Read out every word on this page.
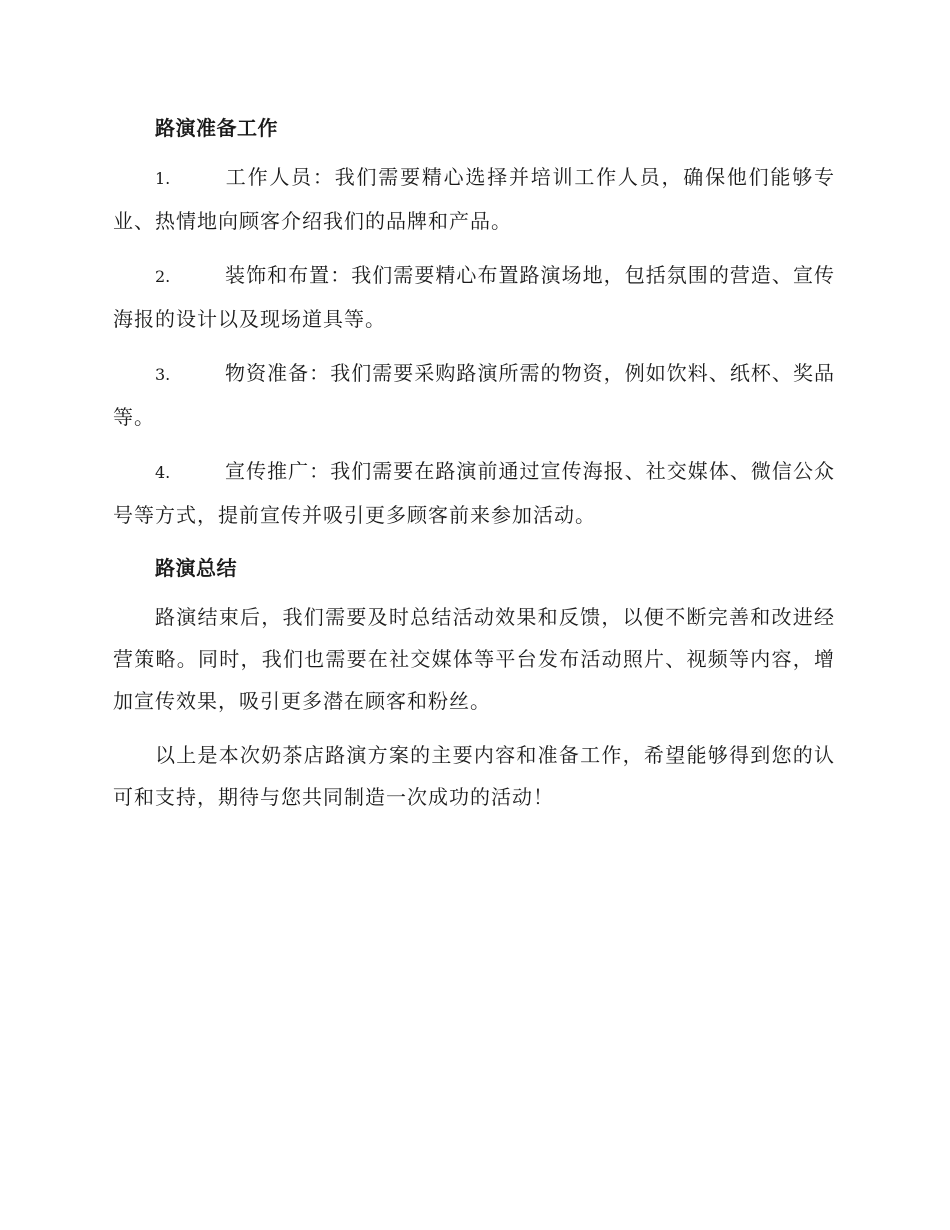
路演准备工作
1.	工作人员：我们需要精心选择并培训工作人员，确保他们能够专业、热情地向顾客介绍我们的品牌和产品。
2.	装饰和布置：我们需要精心布置路演场地，包括氛围的营造、宣传海报的设计以及现场道具等。
3.	物资准备：我们需要采购路演所需的物资，例如饮料、纸杯、奖品等。
4.	宣传推广：我们需要在路演前通过宣传海报、社交媒体、微信公众号等方式，提前宣传并吸引更多顾客前来参加活动。
路演总结
路演结束后，我们需要及时总结活动效果和反馈，以便不断完善和改进经营策略。同时，我们也需要在社交媒体等平台发布活动照片、视频等内容，增加宣传效果，吸引更多潜在顾客和粉丝。
以上是本次奶茶店路演方案的主要内容和准备工作，希望能够得到您的认可和支持，期待与您共同制造一次成功的活动！
